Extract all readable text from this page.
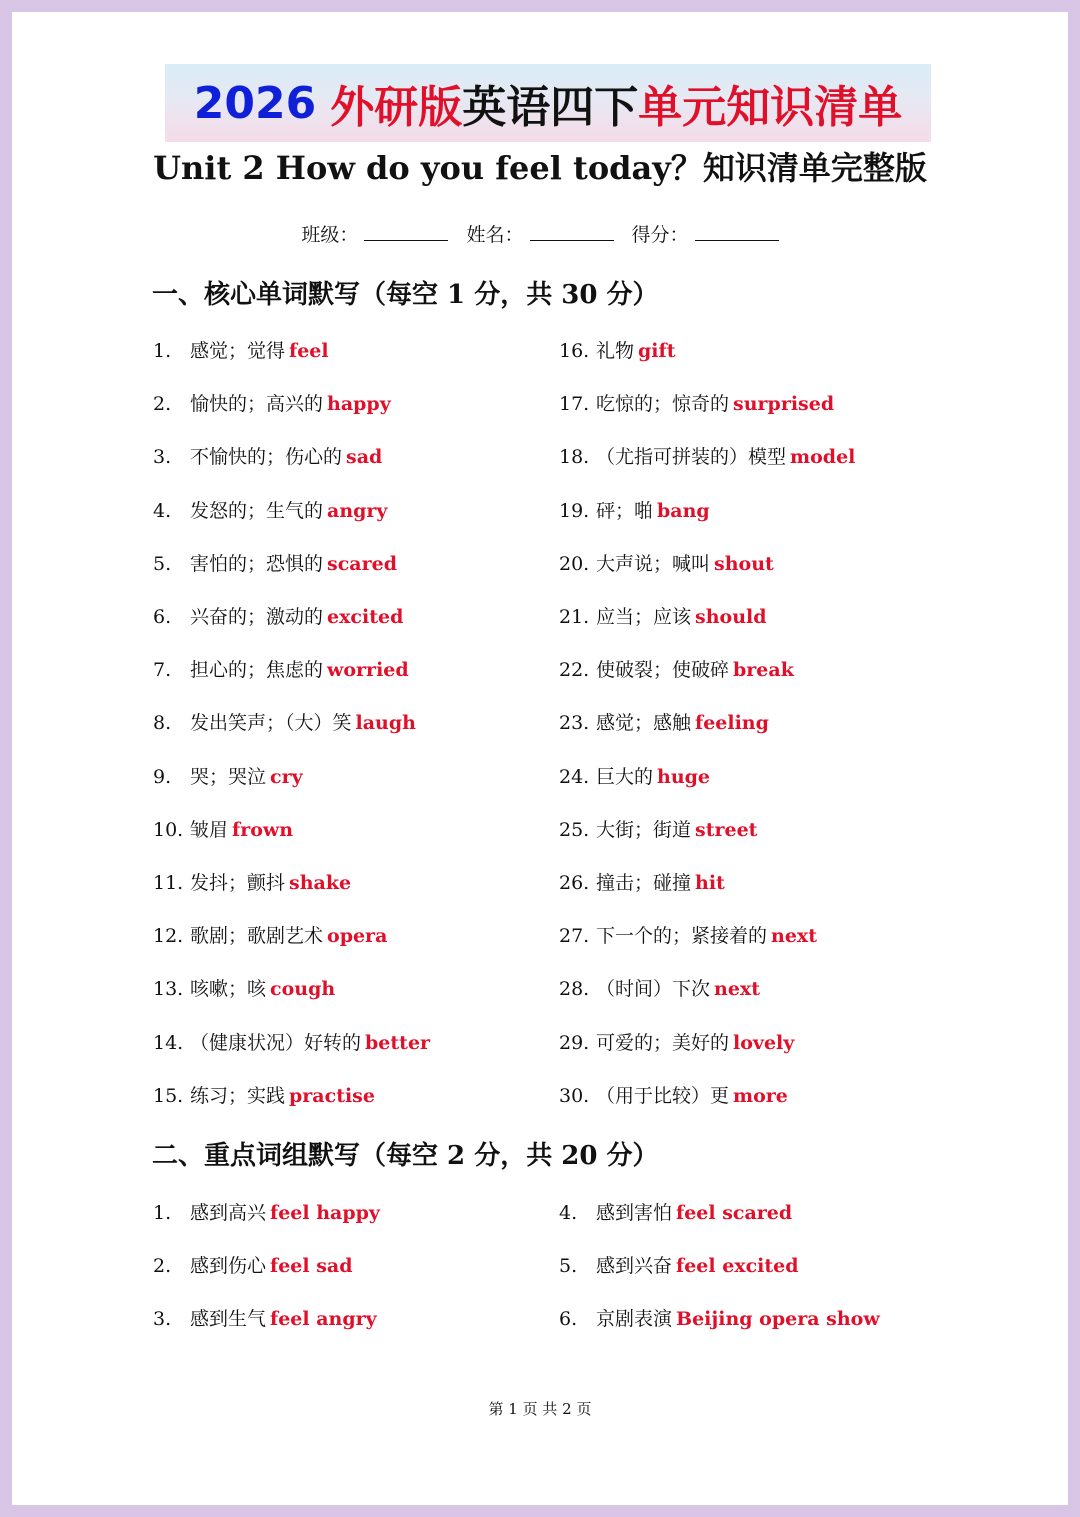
2026 外研版 英语四下 单元知识清单
Unit 2 How do you feel today？知识清单完整版
班级：	姓名：	得分：
一、核心单词默写（每空 1 分，共 30 分）
1. 感觉；觉得 feel
2. 愉快的；高兴的 happy
3. 不愉快的；伤心的 sad
4. 发怒的；生气的 angry
5. 害怕的；恐惧的 scared
6. 兴奋的；激动的 excited
7. 担心的；焦虑的 worried
8. 发出笑声；（大）笑 laugh
9. 哭；哭泣 cry
10. 皱眉 frown
11. 发抖；颤抖 shake
12. 歌剧；歌剧艺术 opera
13. 咳嗽；咳 cough
14. （健康状况）好转的 better
15. 练习；实践 practise
16. 礼物 gift
17. 吃惊的；惊奇的 surprised
18. （尤指可拼装的）模型 model
19. 砰；啪 bang
20. 大声说；喊叫 shout
21. 应当；应该 should
22. 使破裂；使破碎 break
23. 感觉；感触 feeling
24. 巨大的 huge
25. 大街；街道 street
26. 撞击；碰撞 hit
27. 下一个的；紧接着的 next
28. （时间）下次 next
29. 可爱的；美好的 lovely
30. （用于比较）更 more
二、重点词组默写（每空 2 分，共 20 分）
1. 感到高兴 feel happy
2. 感到伤心 feel sad
3. 感到生气 feel angry
4. 感到害怕 feel scared
5. 感到兴奋 feel excited
6. 京剧表演 Beijing opera show
第 1 页 共 2 页
